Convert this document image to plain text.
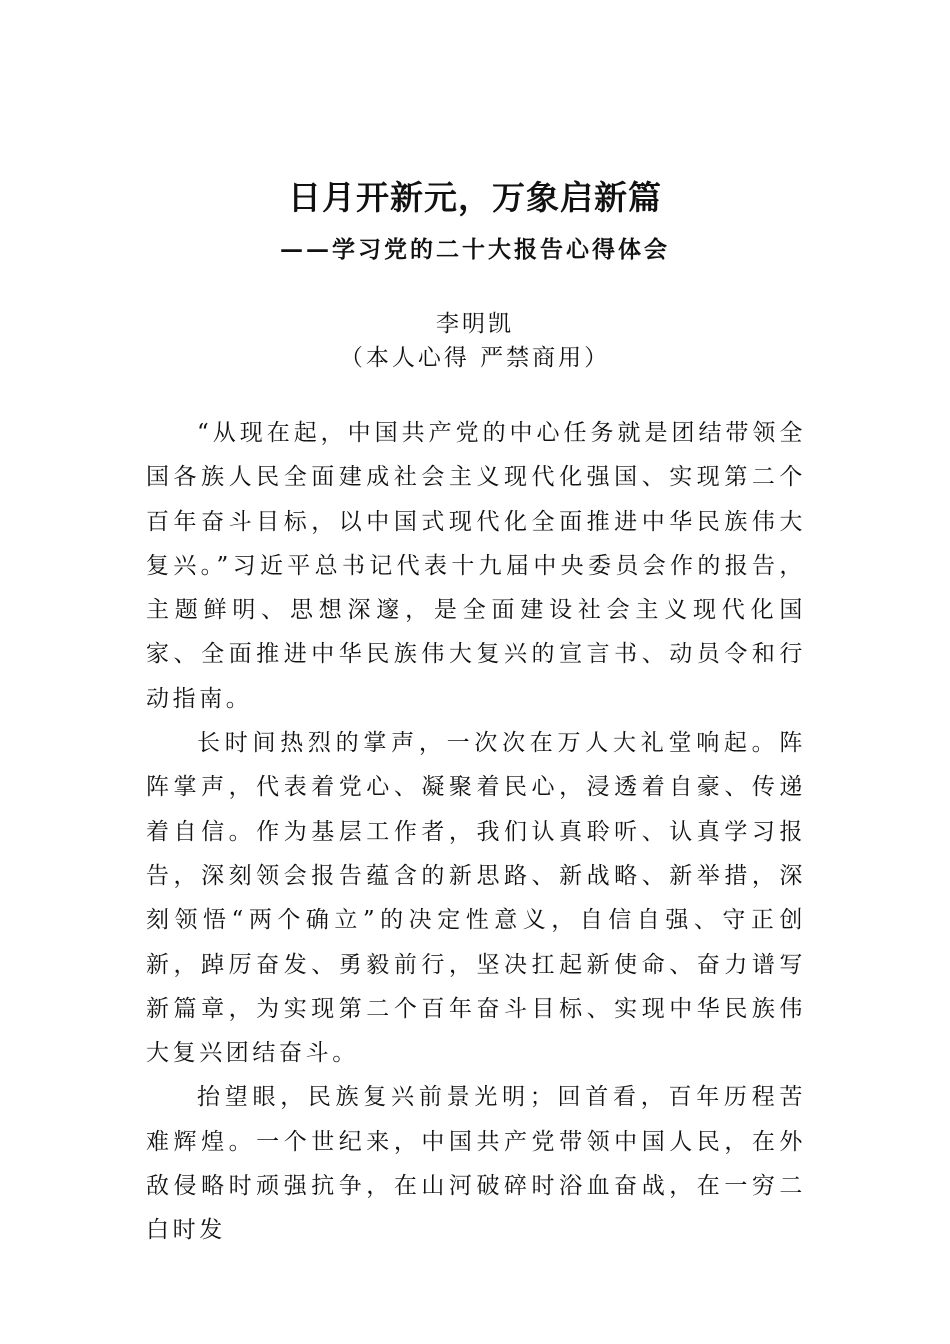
日月开新元，万象启新篇
——学习党的二十大报告心得体会
李明凯
（本人心得 严禁商用）

“从现在起，中国共产党的中心任务就是团结带领全国各族人民全面建成社会主义现代化强国、实现第二个百年奋斗目标，以中国式现代化全面推进中华民族伟大复兴。”习近平总书记代表十九届中央委员会作的报告，主题鲜明、思想深邃，是全面建设社会主义现代化国家、全面推进中华民族伟大复兴的宣言书、动员令和行动指南。

长时间热烈的掌声，一次次在万人大礼堂响起。阵阵掌声，代表着党心、凝聚着民心，浸透着自豪、传递着自信。作为基层工作者，我们认真聆听、认真学习报告，深刻领会报告蕴含的新思路、新战略、新举措，深刻领悟“两个确立”的决定性意义，自信自强、守正创新，踔厉奋发、勇毅前行，坚决扛起新使命、奋力谱写新篇章，为实现第二个百年奋斗目标、实现中华民族伟大复兴团结奋斗。

抬望眼，民族复兴前景光明；回首看，百年历程苦难辉煌。一个世纪来，中国共产党带领中国人民，在外敌侵略时顽强抗争，在山河破碎时浴血奋战，在一穷二白时发
